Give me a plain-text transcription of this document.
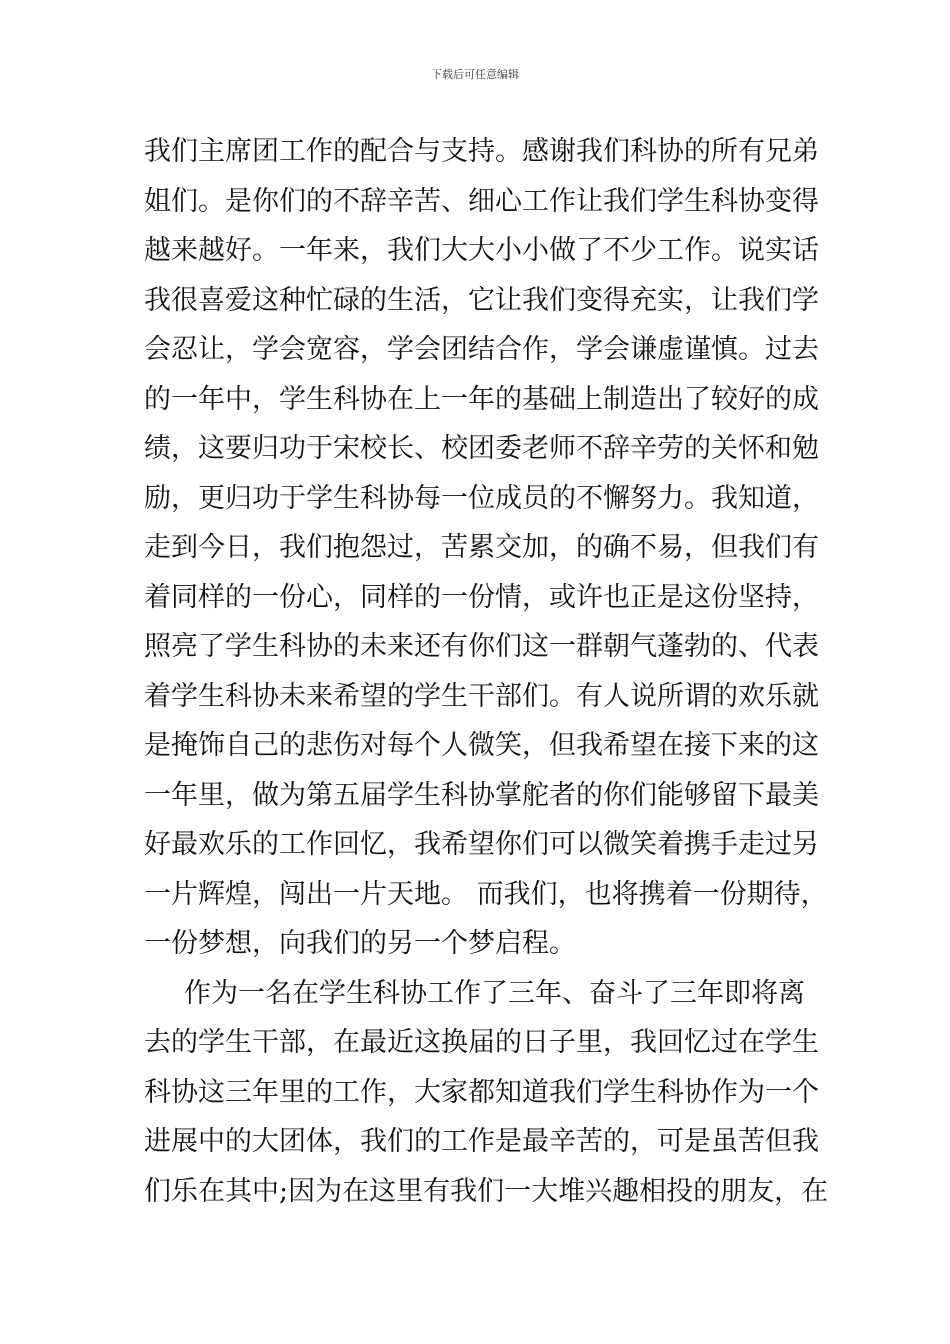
下载后可任意编辑
我们主席团工作的配合与支持。感谢我们科协的所有兄弟
姐们。是你们的不辞辛苦、细心工作让我们学生科协变得
越来越好。一年来，我们大大小小做了不少工作。说实话
我很喜爱这种忙碌的生活，它让我们变得充实，让我们学
会忍让，学会宽容，学会团结合作，学会谦虚谨慎。过去
的一年中，学生科协在上一年的基础上制造出了较好的成
绩，这要归功于宋校长、校团委老师不辞辛劳的关怀和勉
励，更归功于学生科协每一位成员的不懈努力。我知道，
走到今日，我们抱怨过，苦累交加，的确不易，但我们有
着同样的一份心，同样的一份情，或许也正是这份坚持，
照亮了学生科协的未来还有你们这一群朝气蓬勃的、代表
着学生科协未来希望的学生干部们。有人说所谓的欢乐就
是掩饰自己的悲伤对每个人微笑，但我希望在接下来的这
一年里，做为第五届学生科协掌舵者的你们能够留下最美
好最欢乐的工作回忆，我希望你们可以微笑着携手走过另
一片辉煌，闯出一片天地。 而我们，也将携着一份期待，
一份梦想，向我们的另一个梦启程。
作为一名在学生科协工作了三年、奋斗了三年即将离
去的学生干部，在最近这换届的日子里，我回忆过在学生
科协这三年里的工作，大家都知道我们学生科协作为一个
进展中的大团体，我们的工作是最辛苦的，可是虽苦但我
们乐在其中;因为在这里有我们一大堆兴趣相投的朋友，在
